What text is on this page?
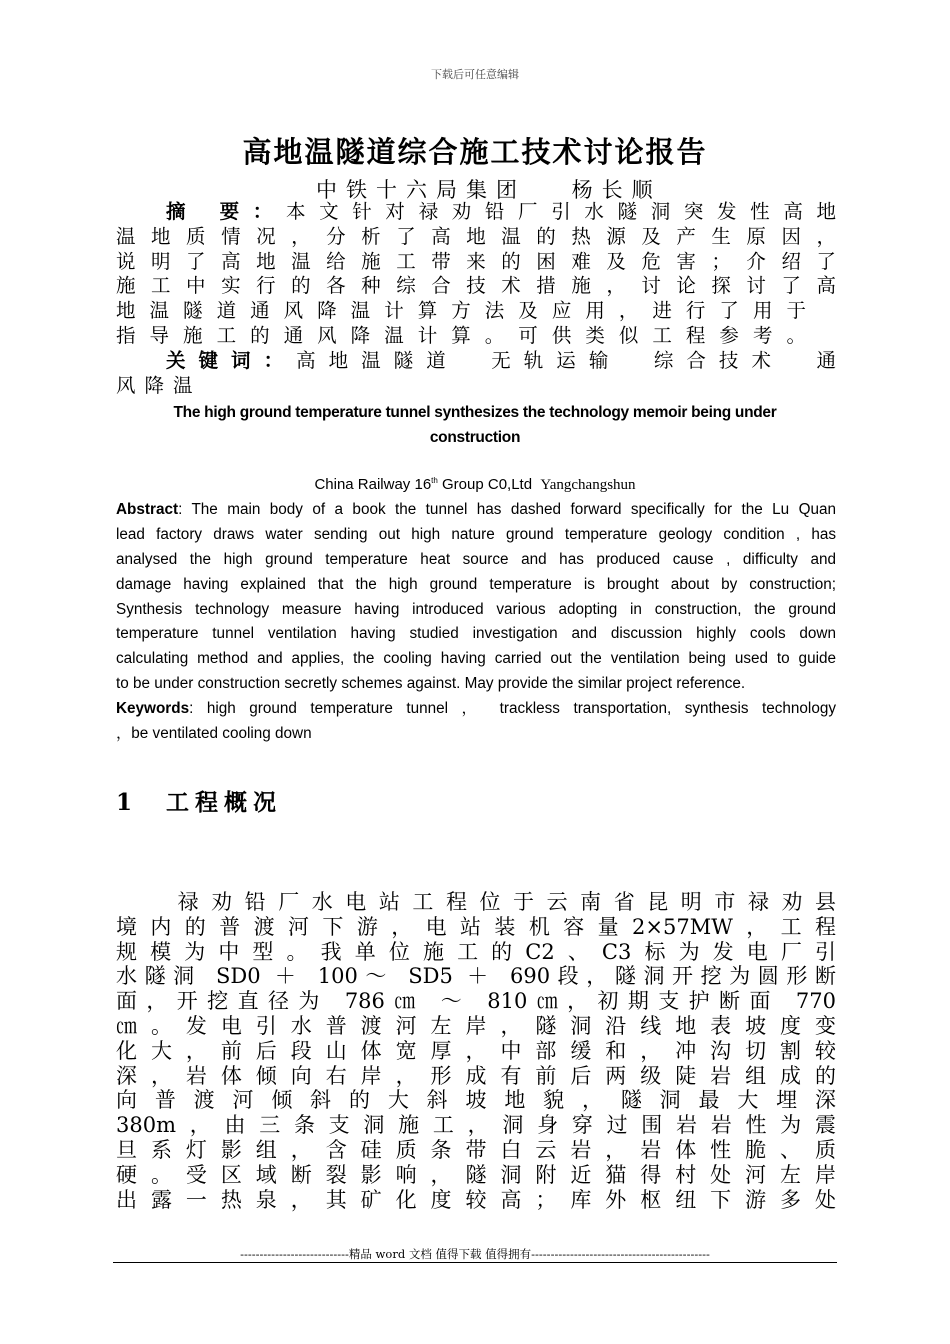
下载后可任意编辑
高地温隧道综合施工技术讨论报告
中铁十六局集团　 杨长顺
摘 要：本文针对禄劝铅厂引水隧洞突发性高地
温地质情况，分析了高地温的热源及产生原因，
说明了高地温给施工带来的困难及危害；介绍了
施工中实行的各种综合技术措施，讨论探讨了高
地温隧道通风降温计算方法及应用，进行了用于
指导施工的通风降温计算。可供类似工程参考。
关键词：高地温隧道　无轨运输　综合技术　通
风降温
The high ground temperature tunnel synthesizes the technology memoir being under construction
China Railway 16th Group C0,Ltd Yangchangshun
Abstract: The main body of a book the tunnel has dashed forward specifically for the Lu Quan
lead factory draws water sending out high nature ground temperature geology condition , has
analysed the high ground temperature heat source and has produced cause , difficulty and
damage having explained that the high ground temperature is brought about by construction;
Synthesis technology measure having introduced various adopting in construction, the ground
temperature tunnel ventilation having studied investigation and discussion highly cools down
calculating method and applies, the cooling having carried out the ventilation being used to guide
to be under construction secretly schemes against. May provide the similar project reference.
Keywords: high ground temperature tunnel ， trackless transportation, synthesis technology
，be ventilated cooling down
1 工程概况
　禄劝铅厂水电站工程位于云南省昆明市禄劝县
境内的普渡河下游，电站装机容量2×57MW，工程
规模为中型。我单位施工的C2、C3标为发电厂引
水隧洞 SD0 ＋ 100～ SD5 ＋ 690段，隧洞开挖为圆形断
面，开挖直径为 786㎝ ～ 810㎝，初期支护断面 770
㎝。发电引水普渡河左岸，隧洞沿线地表坡度变
化大，前后段山体宽厚，中部缓和，冲沟切割较
深，岩体倾向右岸，形成有前后两级陡岩组成的
向普渡河倾斜的大斜坡地貌，隧洞最大埋深
380m，由三条支洞施工，洞身穿过围岩岩性为震
旦系灯影组，含硅质条带白云岩，岩体性脆、质
硬。受区域断裂影响，隧洞附近猫得村处河左岸
出露一热泉，其矿化度较高；库外枢纽下游多处
----------------------------精品 word 文档 值得下载 值得拥有----------------------------------------------
